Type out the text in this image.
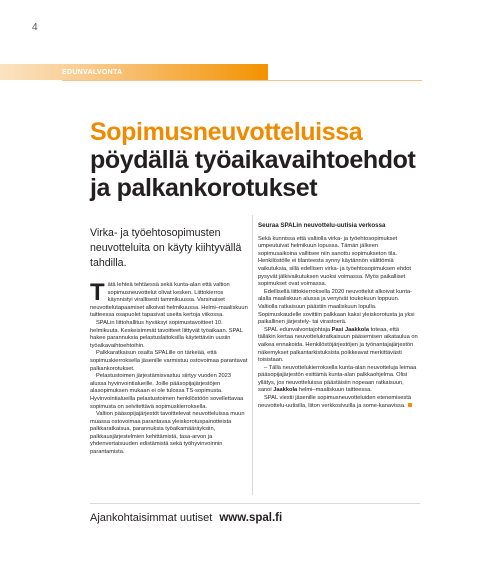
4
EDUNVALVONTA
Sopimusneuvotteluissa
pöydällä työaikavaihtoehdot
ja palkankorotukset
Virka- ja työehtosopimusten neuvotteluita on käyty kiihtyvällä tahdilla.

Tätä lehteä tehtäessä sekä kunta-alan että valtion sopimusneuvottelut olivat kesken. Liittokierros käynnistyi virallisesti tammikuussa. Varsinaiset neuvottelutapaamiset alkoivat helmikuussa. Helmi–maaliskuun taitteessa osapuolet tapasivat useita kertoja viikossa.

SPALin liittohallitus hyväksyi sopimustavoitteet 10. helmikuuta. Keskeisimmät tavoitteet liittyvät työaikaan. SPAL hakee parannuksia pelastuslaitoksilla käytettäviin uusiin työaikavaihtoehtoihin.

Palkkaratkaisun osalta SPALille on tärkeää, että sopimuskierroksella jäsenille varmistuu ostovoimaa parantavat palkankorotukset.

Pelastustoimen järjestämisvastuu siirtyy vuoden 2023 alussa hyvinvointialueille. Joille pääsopijajärjestöjen alasopimuksen mukaan ei ole tulossa TS-sopimusta. Hyvinvointialueilla pelastustoimen henkilöstöön sovellettavaa sopimusta on selvitettävä sopimuskierroksella.

Valtion pääsopijajärjestöt tavoittelevat neuvotteluissa muun muassa ostovoimaa parantavaa yleiskorotuspainotteista palkkaratkaisua, parannuksia työaikamääräyksiin, palkkausjärjestelmien kehittämistä, tasa-arvon ja yhdenvertaisuuden edistämistä sekä työhyvinvoinnin parantamista.

Seuraa SPALin neuvottelu-uutisia verkossa

Sekä kunnissa että valtiolla virka- ja työehtosopimukset umpeutuivat helmikuun lopussa. Tämän jälkeen sopimusaikoina vallitsee niin sanottu sopimukseton tila. Henkilöstölle ei tilanteesta synny käytännön välittömiä vaikutuksia, sillä edellisen virka- ja työehtosopimuksen ehdot pysyvät jälkivaikutuksen vuoksi voimassa. Myös paikalliset sopimukset ovat voimassa.

Edellisellä liittokierroksella 2020 neuvottelut alkoivat kunta-alalla maaliskuun alussa ja venyivät toukokuun loppuun. Valtiolla ratkaisuun päästiin maaliskuun lopulla. Sopimuskaudelle sovittiin palkkaan kaksi yleiskorotusta ja yksi paikallinen järjestely- tai virastoerä.

SPAL edunvalvontajohtaja Pasi Jaakkola toteaa, että tälläkin kertaa neuvottelukratkaisuun pääsemisen aikataulua on vaikea ennakoida. Henkilöstöjärjestöjen ja työnantajajärjestön näkemykset palkantarkistuksista poikkeavat merkittävästi toisistaan.

– Tällä neuvottelukierroksella kunta-alan neuvotteluja leimaa pääsopijajärjestön esittämä kunta-alan palkkaohjelma. Olisi yllätys, jos neuvotteluissa päästäisiin nopeaan ratkaisuun, sanoi Jaakkola helmi–maaliskuun taitteessa.

SPAL viestii jäsenille sopimusneuvotteluiden etenemisestä neuvottelu-uutisilla, liiton verkkosivuilla ja some-kanavissa.

Ajankohtaisimmat uutiset www.spal.fi
